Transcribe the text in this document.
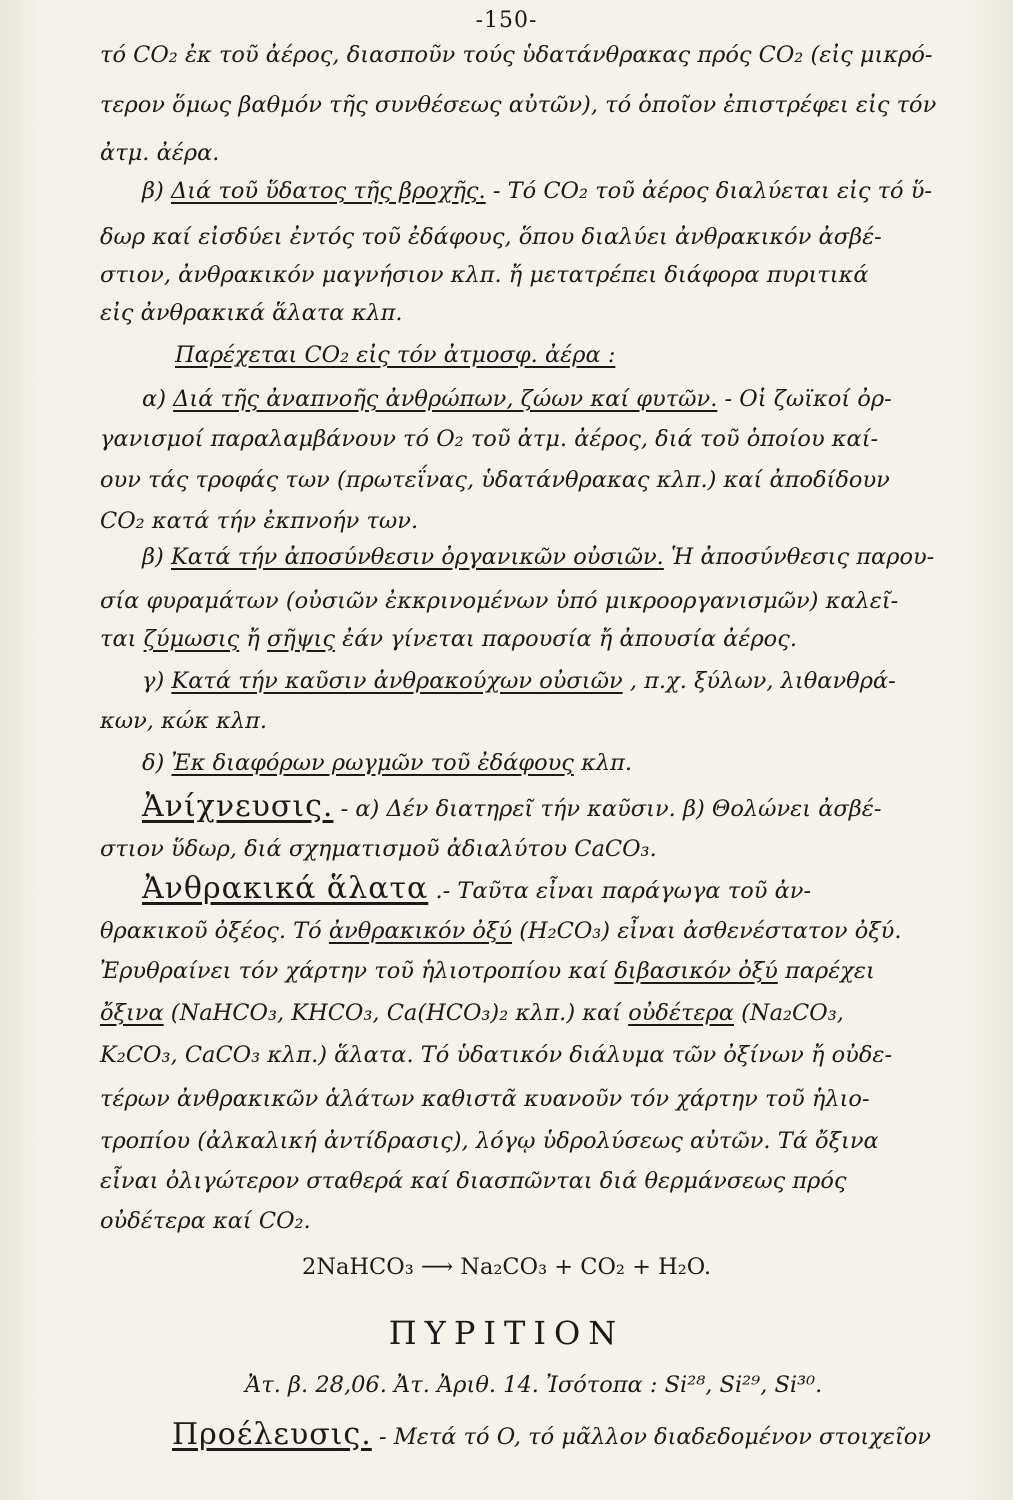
-150-
τό CO₂ ἐκ τοῦ ἀέρος, διασποῦν τούς ὑδατάνθρακας πρός CO₂ (εἰς μικρό-
τερον ὅμως βαθμόν τῆς συνθέσεως αὐτῶν), τό ὁποῖον ἐπιστρέφει εἰς τόν
ἀτμ. ἀέρα.
β) Διά τοῦ ὕδατος τῆς βροχῆς. - Τό CO₂ τοῦ ἀέρος διαλύεται εἰς τό ὕ-
δωρ καί εἰσδύει ἐντός τοῦ ἐδάφους, ὅπου διαλύει ἀνθρακικόν ἀσβέ-
στιον, ἀνθρακικόν μαγνήσιον κλπ. ἤ μετατρέπει διάφορα πυριτικά
εἰς ἀνθρακικά ἅλατα κλπ.
Παρέχεται CO₂ εἰς τόν ἀτμοσφ. ἀέρα :
α) Διά τῆς ἀναπνοῆς ἀνθρώπων, ζώων καί φυτῶν. - Οἱ ζωϊκοί ὀρ-
γανισμοί παραλαμβάνουν τό O₂ τοῦ ἀτμ. ἀέρος, διά τοῦ ὁποίου καί-
ουν τάς τροφάς των (πρωτεΐνας, ὑδατάνθρακας κλπ.) καί ἀποδίδουν
CO₂ κατά τήν ἐκπνοήν των.
β) Κατά τήν ἀποσύνθεσιν ὀργανικῶν οὐσιῶν. Ἡ ἀποσύνθεσις παρου-
σία φυραμάτων (οὐσιῶν ἐκκρινομένων ὑπό μικροοργανισμῶν) καλεῖ-
ται ζύμωσις ἤ σῆψις ἐάν γίνεται παρουσία ἤ ἀπουσία ἀέρος.
γ) Κατά τήν καῦσιν ἀνθρακούχων οὐσιῶν , π.χ. ξύλων, λιθανθρά-
κων, κώκ κλπ.
δ) Ἐκ διαφόρων ρωγμῶν τοῦ ἐδάφους κλπ.
Ἀνίχνευσις. - α) Δέν διατηρεῖ τήν καῦσιν. β) Θολώνει ἀσβέ-
στιον ὕδωρ, διά σχηματισμοῦ ἀδιαλύτου CaCO₃.
Ἀνθρακικά ἅλατα .- Ταῦτα εἶναι παράγωγα τοῦ ἀν-
θρακικοῦ ὀξέος. Τό ἀνθρακικόν ὀξύ (H₂CO₃) εἶναι ἀσθενέστατον ὀξύ.
Ἐρυθραίνει τόν χάρτην τοῦ ἡλιοτροπίου καί διβασικόν ὀξύ παρέχει
ὄξινα (NaHCO₃, KHCO₃, Ca(HCO₃)₂ κλπ.) καί οὐδέτερα (Na₂CO₃,
K₂CO₃, CaCO₃ κλπ.) ἅλατα. Τό ὑδατικόν διάλυμα τῶν ὀξίνων ἤ οὐδε-
τέρων ἀνθρακικῶν ἁλάτων καθιστᾶ κυανοῦν τόν χάρτην τοῦ ἡλιο-
τροπίου (ἀλκαλική ἀντίδρασις), λόγῳ ὑδρολύσεως αὐτῶν. Τά ὄξινα
εἶναι ὀλιγώτερον σταθερά καί διασπῶνται διά θερμάνσεως πρός
οὐδέτερα καί CO₂.
2NaHCO₃ ⟶ Na₂CO₃ + CO₂ + H₂O.
ΠΥΡΙΤΙΟΝ
Ἀτ. β. 28,06. Ἀτ. Ἀριθ. 14. Ἰσότοπα : Si²⁸, Si²⁹, Si³⁰.
Προέλευσις. - Μετά τό O, τό μᾶλλον διαδεδομένον στοιχεῖον
